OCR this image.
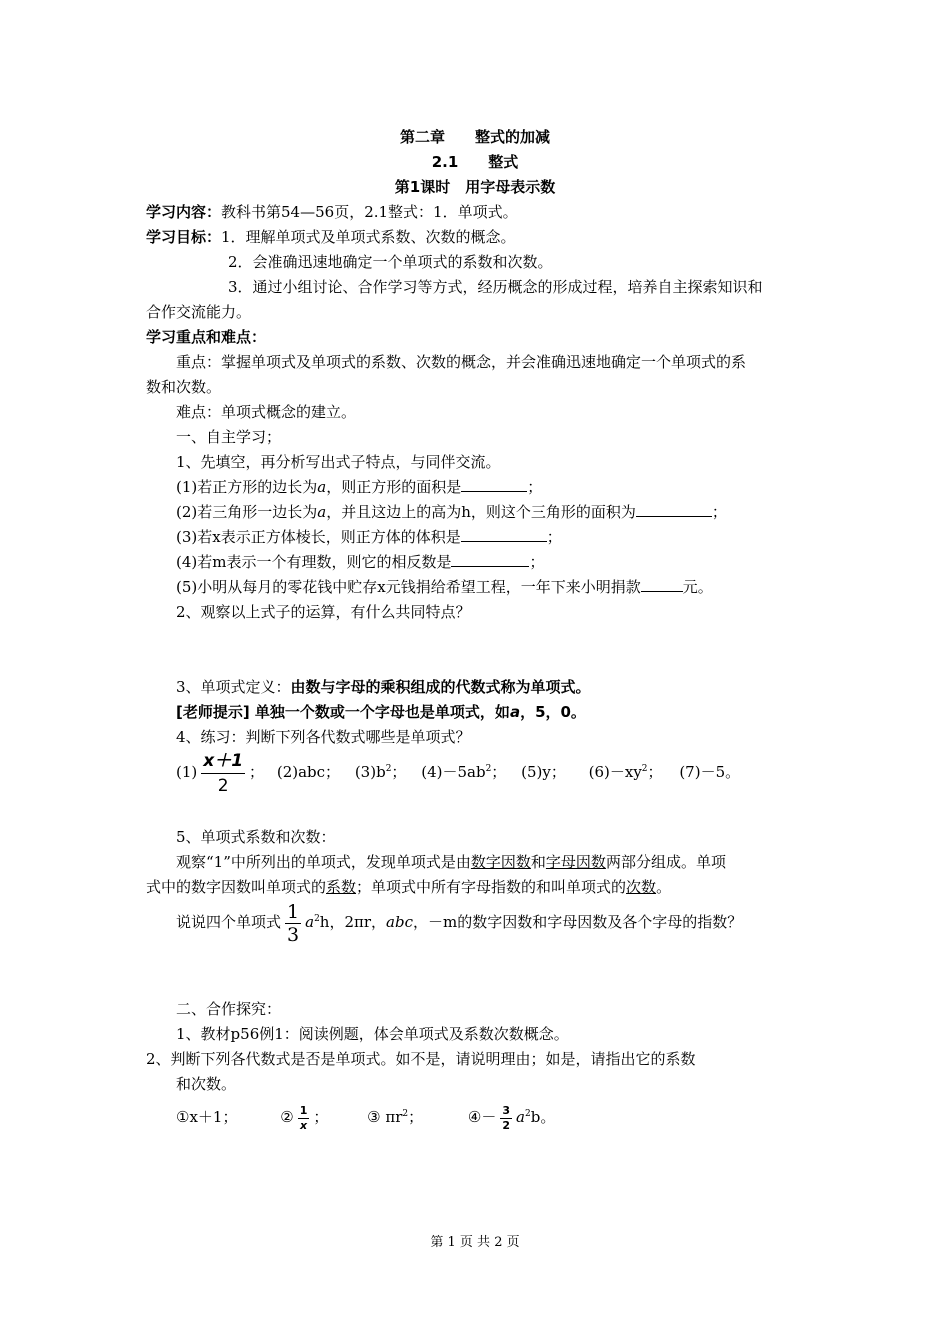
第二章　　整式的加减
2.1　　整式
第1课时　用字母表示数
学习内容：教科书第54—56页，2.1整式：1．单项式。
学习目标：1．理解单项式及单项式系数、次数的概念。
2．会准确迅速地确定一个单项式的系数和次数。
3．通过小组讨论、合作学习等方式，经历概念的形成过程，培养自主探索知识和
合作交流能力。
学习重点和难点：
重点：掌握单项式及单项式的系数、次数的概念，并会准确迅速地确定一个单项式的系
数和次数。
难点：单项式概念的建立。
一、自主学习；
1、先填空，再分析写出式子特点，与同伴交流。
(1)若正方形的边长为a，则正方形的面积是	；
(2)若三角形一边长为a，并且这边上的高为h，则这个三角形的面积为	；
(3)若x表示正方体棱长，则正方体的体积是	；
(4)若m表示一个有理数，则它的相反数是	；
(5)小明从每月的零花钱中贮存x元钱捐给希望工程，一年下来小明捐款	元。
2、观察以上式子的运算，有什么共同特点？
3、单项式定义：由数与字母的乘积组成的代数式称为单项式。
[老师提示] 单独一个数或一个字母也是单项式，如a，5，0。
4、练习：判断下列各代数式哪些是单项式？
$(1) \frac{x+1}{2}$ ； (2)abc； $(3)b^2$； $(4)-5ab^2$； (5)y； $(6)-xy^2$； (7)－5。
5、单项式系数和次数：
观察“1”中所列出的单项式，发现单项式是由数字因数和字母因数两部分组成。单项
式中的数字因数叫单项式的系数；单项式中所有字母指数的和叫单项式的次数。
说说四个单项式 $\frac{1}{3} a^2h$，2πr，abc，－m的数字因数和字母因数及各个字母的指数？
二、合作探究：
1、教材p56例1：阅读例题，体会单项式及系数次数概念。
2、判断下列各代数式是否是单项式。如不是，请说明理由；如是，请指出它的系数
和次数。
①x＋1；	② $\frac{1}{x}$ ；	③ $\pi r^2$；	④－ $\frac{3}{2} a^2b$。
第 1 页 共 2 页
